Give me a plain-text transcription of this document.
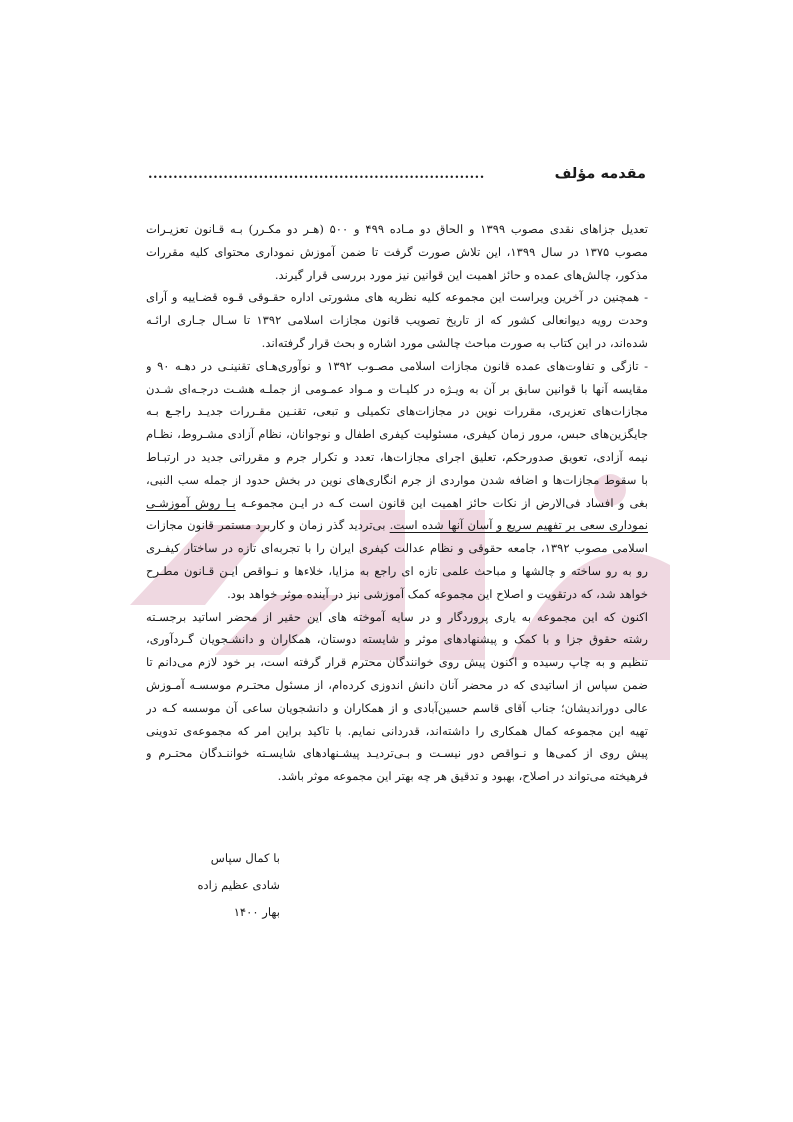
مقدمه مؤلف
...................................................................
تعدیل جزاهای نقدی مصوب ۱۳۹۹ و الحاق دو مـاده ۴۹۹ و ۵۰۰ (هـر دو مکـرر) بـه قـانون تعزیـرات
مصوب ۱۳۷۵ در سال ۱۳۹۹، این تلاش صورت گرفت تا ضمن آموزش نموداری محتوای کلیه مقررات
مذکور، چالش‌های عمده و حائز اهمیت این قوانین نیز مورد بررسی قرار گیرند.
- همچنین در آخرین ویراست این مجموعه کلیه نظریه های مشورتی اداره حقـوقی قـوه قضـاییه و آرای
وحدت رویه دیوانعالی کشور که از تاریخ تصویب قانون مجازات اسلامی ۱۳۹۲ تا سـال جـاری ارائـه
شده‌اند، در این کتاب به صورت مباحث چالشی مورد اشاره و بحث قرار گرفته‌اند.
- تازگی و تفاوت‌های عمده قانون مجازات اسلامی مصـوب ۱۳۹۲ و نوآوری‌هـای تقنینـی در دهـه ۹۰ و
مقایسه آنها با قوانین سابق بر آن به ویـژه در کلیـات و مـواد عمـومی از جملـه هشـت درجـه‌ای شـدن
مجازات‌های تعزیری، مقررات نوین در مجازات‌های تکمیلی و تبعی، تقنـین مقـررات جدیـد راجـع بـه
جایگزین‌های حبس، مرور زمان کیفری، مسئولیت کیفری اطفال و نوجوانان، نظام آزادی مشـروط، نظـام
نیمه آزادی، تعویق صدورحکم، تعلیق اجرای مجازات‌ها، تعدد و تکرار جرم و مقرراتی جدید در ارتبـاط
با سقوط مجازات‌ها و اضافه شدن مواردی از جرم انگاری‌های نوین در بخش حدود از جمله سب النبی،
بغی و افساد فی‌الارض از نکات حائز اهمیت این قانون است کـه در ایـن مجموعـه بـا روش آموزشـی
نموداری سعی بر تفهیم سریع و آسان آنها شده است. بی‌تردید گذر زمان و کاربرد مستمر قانون مجازات
اسلامی مصوب ۱۳۹۲، جامعه حقوقی و نظام عدالت کیفری ایران را با تجربه‌ای تازه در ساختار کیفـری
رو به رو ساخته و چالشها و مباحث علمی تازه ای راجع به مزایا، خلاءها و نـواقص ایـن قـانون مطـرح
خواهد شد، که درتقویت و اصلاح این مجموعه کمک آموزشی نیز در آینده موثر خواهد بود.
اکنون که این مجموعه به یاری پروردگار و در سایه آموخته های این حقیر از محضر اساتید برجسـته
رشته حقوق جزا و با کمک و پیشنهادهای موثر و شایسته دوستان، همکاران و دانشـجویان گـردآوری،
تنظیم و به چاپ رسیده و اکنون پیش روی خوانندگان محترم قرار گرفته است، بر خود لازم می‌دانم تا
ضمن سپاس از اساتیدی که در محضر آنان دانش اندوزی کرده‌ام، از مسئول محتـرم موسسـه آمـوزش
عالی دوراندیشان؛ جناب آقای قاسم حسین‌آبادی و از همکاران و دانشجویان ساعی آن موسسه کـه در
تهیه این مجموعه کمال همکاری را داشته‌اند، قدردانی نمایم. با تاکید براین امر که مجموعه‌ی تدوینی
پیش روی از کمی‌ها و نـواقص دور نیسـت و بـی‌تردیـد پیشـنهادهای شایسـته خواننـدگان محتـرم و
فرهیخته می‌تواند در اصلاح، بهبود و تدقیق هر چه بهتر این مجموعه موثر باشد.
با کمال سپاس
شادی عظیم زاده
بهار ۱۴۰۰
